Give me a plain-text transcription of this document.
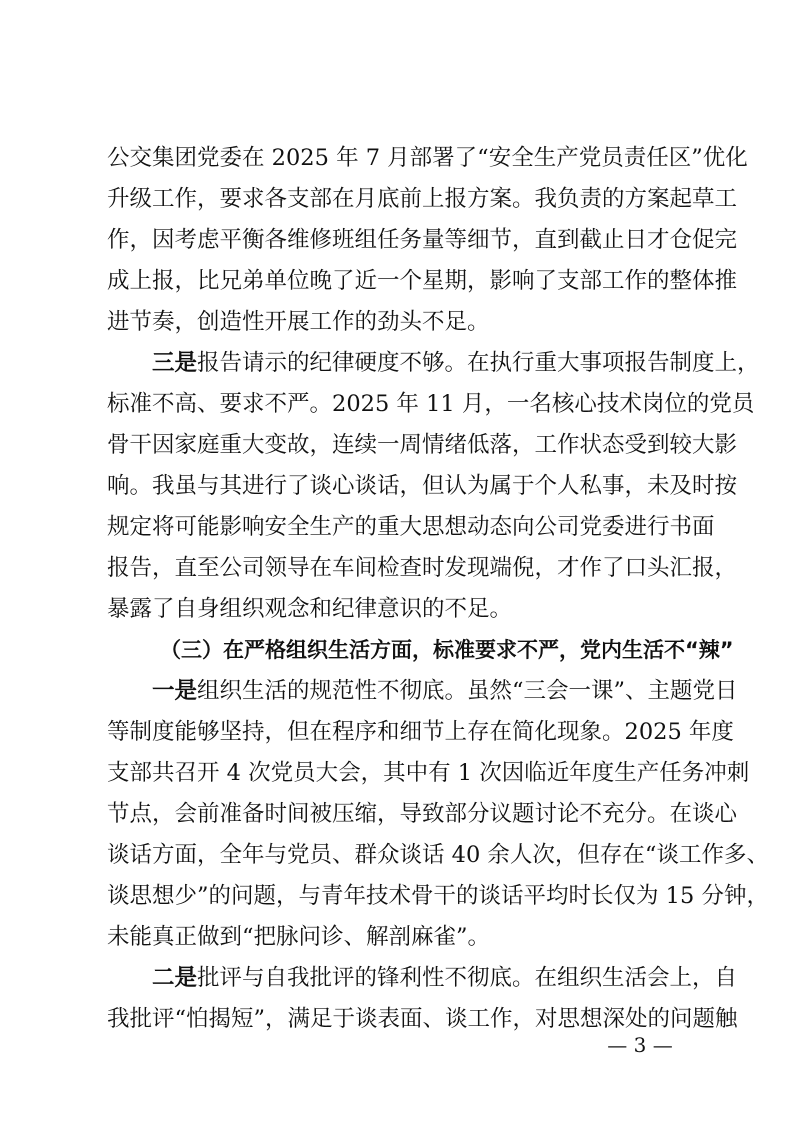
公交集团党委在 2025 年 7 月部署了“安全生产党员责任区”优化
升级工作，要求各支部在月底前上报方案。我负责的方案起草工
作，因考虑平衡各维修班组任务量等细节，直到截止日才仓促完
成上报，比兄弟单位晚了近一个星期，影响了支部工作的整体推
进节奏，创造性开展工作的劲头不足。
三是报告请示的纪律硬度不够。在执行重大事项报告制度上，
标准不高、要求不严。2025 年 11 月，一名核心技术岗位的党员
骨干因家庭重大变故，连续一周情绪低落，工作状态受到较大影
响。我虽与其进行了谈心谈话，但认为属于个人私事，未及时按
规定将可能影响安全生产的重大思想动态向公司党委进行书面
报告，直至公司领导在车间检查时发现端倪，才作了口头汇报，
暴露了自身组织观念和纪律意识的不足。
（三）在严格组织生活方面，标准要求不严，党内生活不“辣”
一是组织生活的规范性不彻底。虽然“三会一课”、主题党日
等制度能够坚持，但在程序和细节上存在简化现象。2025 年度
支部共召开 4 次党员大会，其中有 1 次因临近年度生产任务冲刺
节点，会前准备时间被压缩，导致部分议题讨论不充分。在谈心
谈话方面，全年与党员、群众谈话 40 余人次，但存在“谈工作多、
谈思想少”的问题，与青年技术骨干的谈话平均时长仅为 15 分钟，
未能真正做到“把脉问诊、解剖麻雀”。
二是批评与自我批评的锋利性不彻底。在组织生活会上，自
我批评“怕揭短”，满足于谈表面、谈工作，对思想深处的问题触
— 3 —
